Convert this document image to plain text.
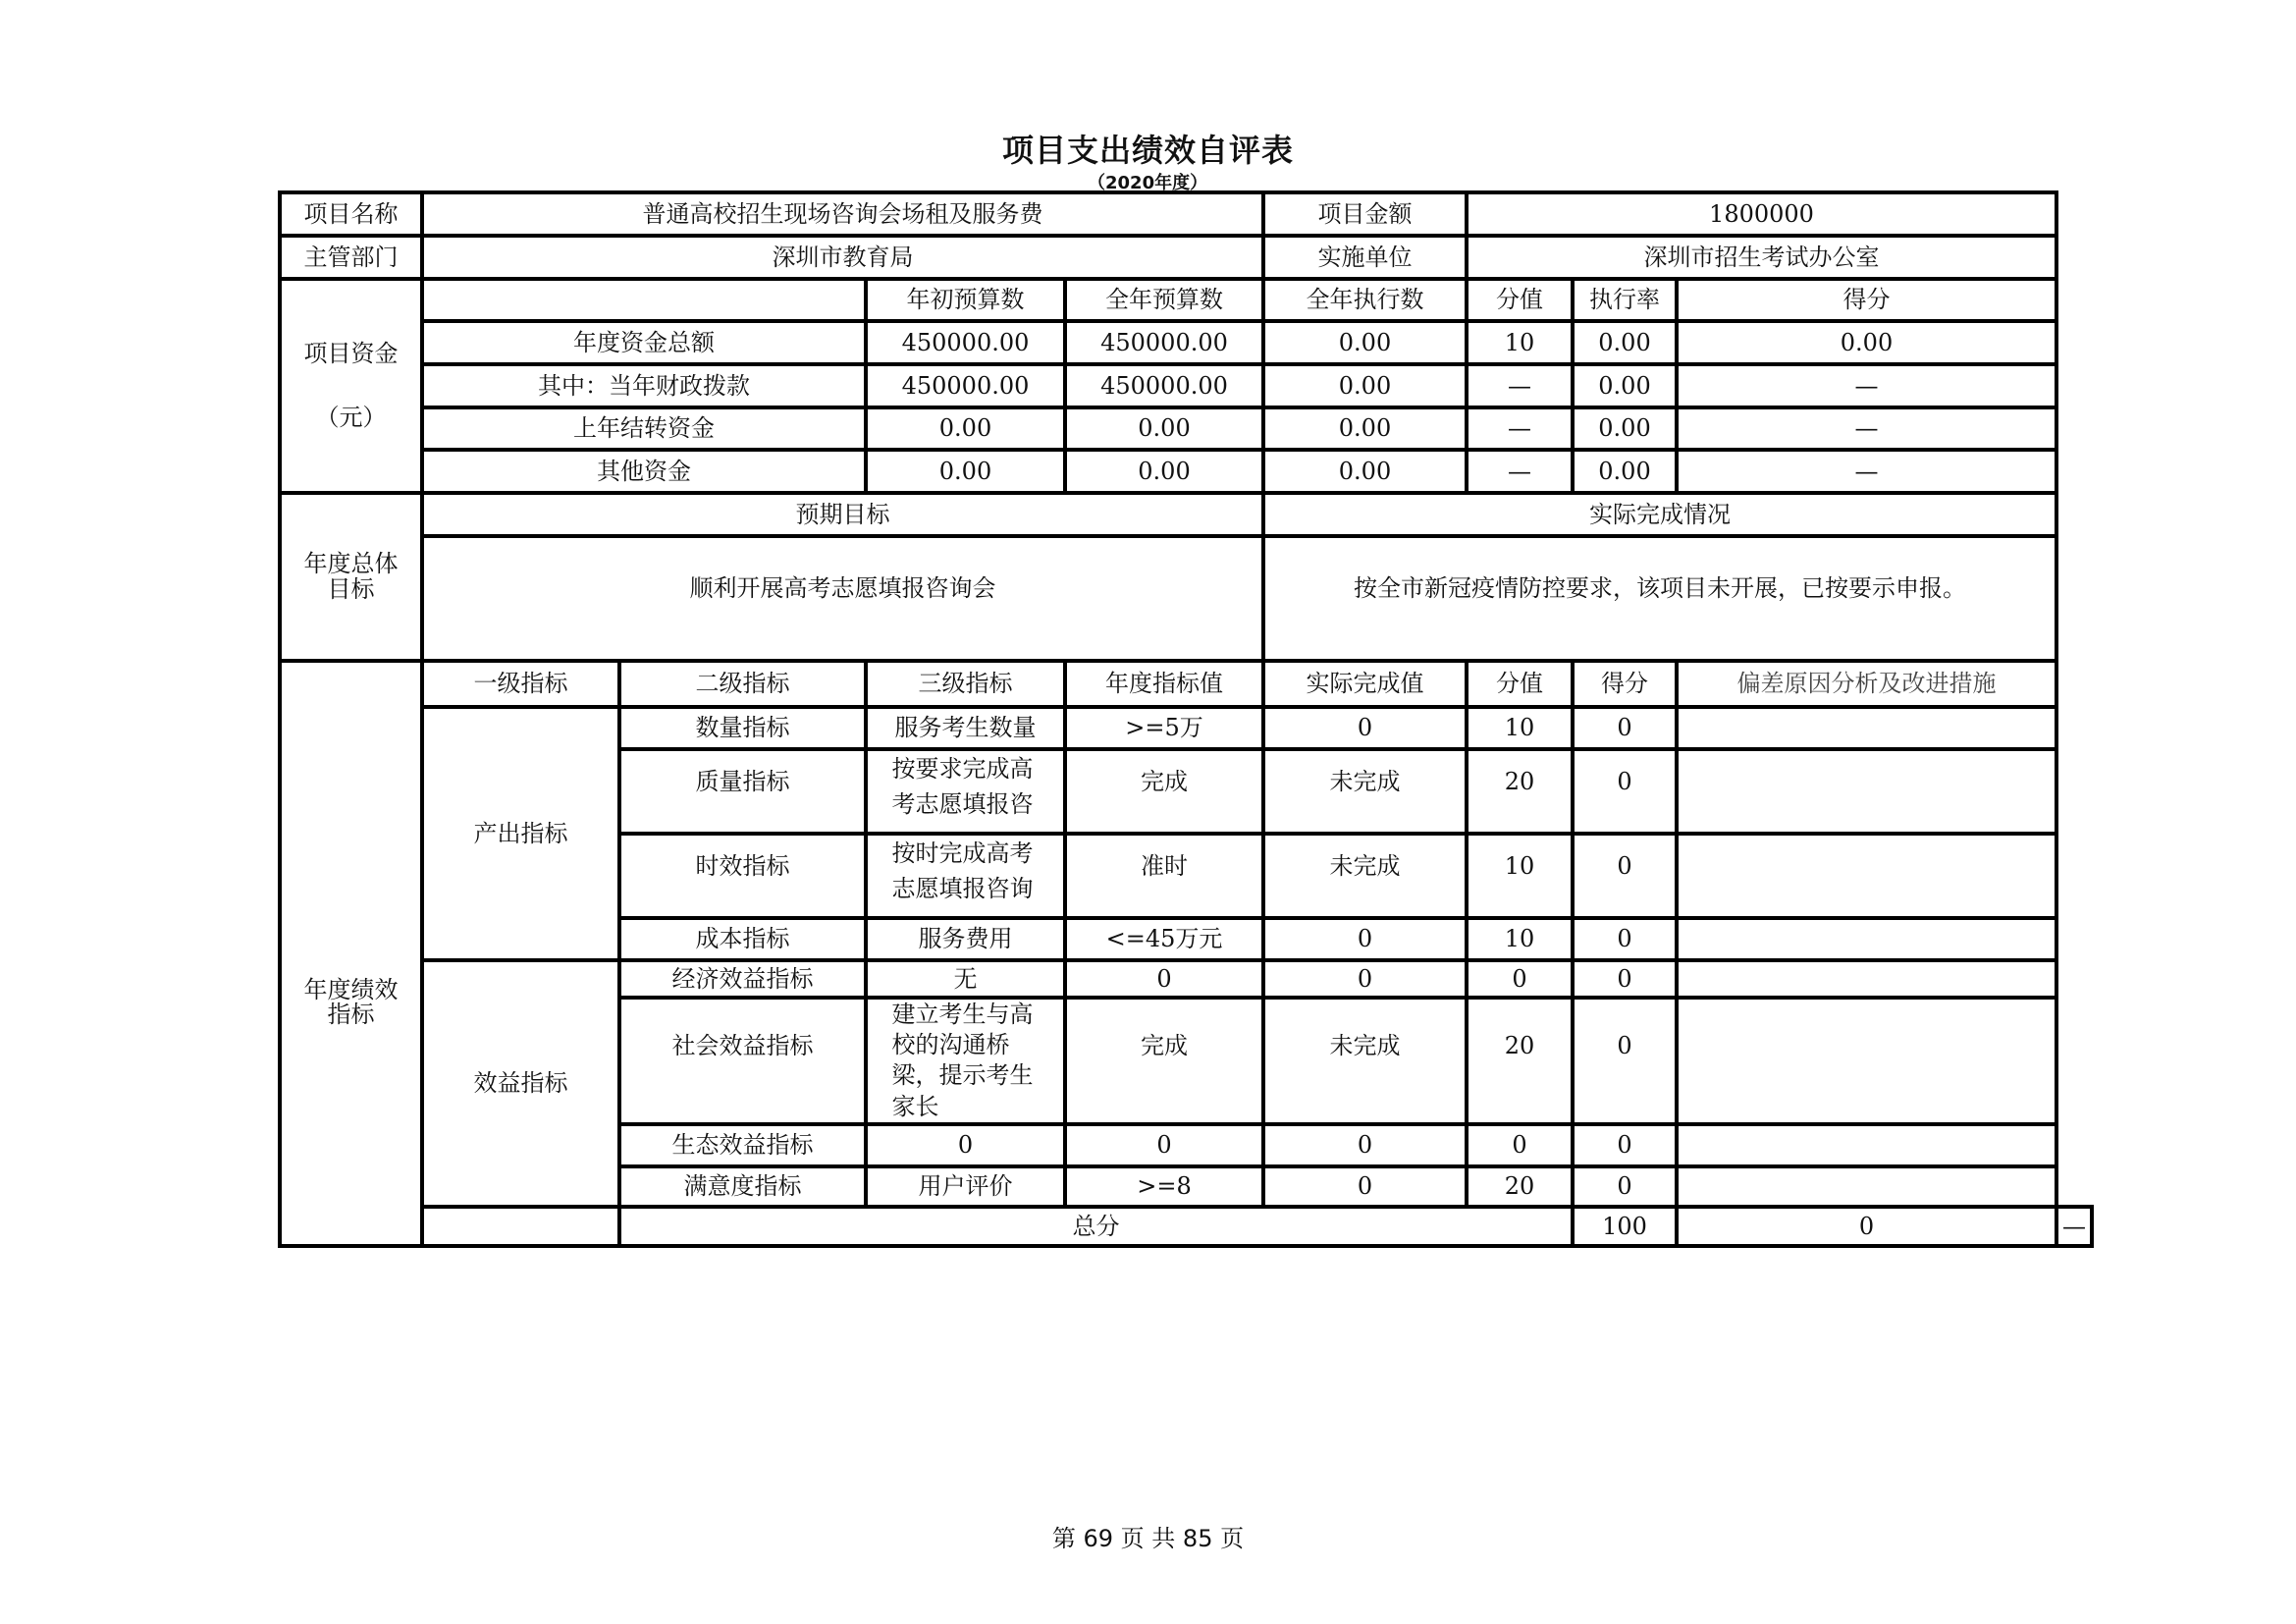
项目支出绩效自评表
（2020年度）
项目名称	普通高校招生现场咨询会场租及服务费				项目金额	1800000			
主管部门	深圳市教育局				实施单位	深圳市招生考试办公室			
项目资金

（元）			年初预算数	全年预算数	全年执行数	分值	执行率	得分	
	年度资金总额		450000.00	450000.00	0.00	10	0.00	0.00	
	其中：当年财政拨款		450000.00	450000.00	0.00	—	0.00	—	
	上年结转资金		0.00	0.00	0.00	—	0.00	—	
	其他资金		0.00	0.00	0.00	—	0.00	—	
年度总体
目标	预期目标				实际完成情况				
	顺利开展高考志愿填报咨询会				按全市新冠疫情防控要求，该项目未开展，已按要示申报。				
年度绩效
指标	一级指标	二级指标	三级指标	年度指标值	实际完成值	分值	得分	偏差原因分析及改进措施	
	产出指标	数量指标	服务考生数量	>=5万	0	10	0		
		质量指标	按要求完成高考志愿填报咨	完成	未完成	20	0		
		时效指标	按时完成高考志愿填报咨询	准时	未完成	10	0		
		成本指标	服务费用	<=45万元	0	10	0		
	效益指标	经济效益指标	无	0	0	0	0		
		社会效益指标	建立考生与高校的沟通桥梁，提示考生家长	完成	未完成	20	0		
		生态效益指标	0	0	0	0	0		
		满意度指标	用户评价	>=8	0	20	0		
		总分					100	0	—
第 69 页 共 85 页
